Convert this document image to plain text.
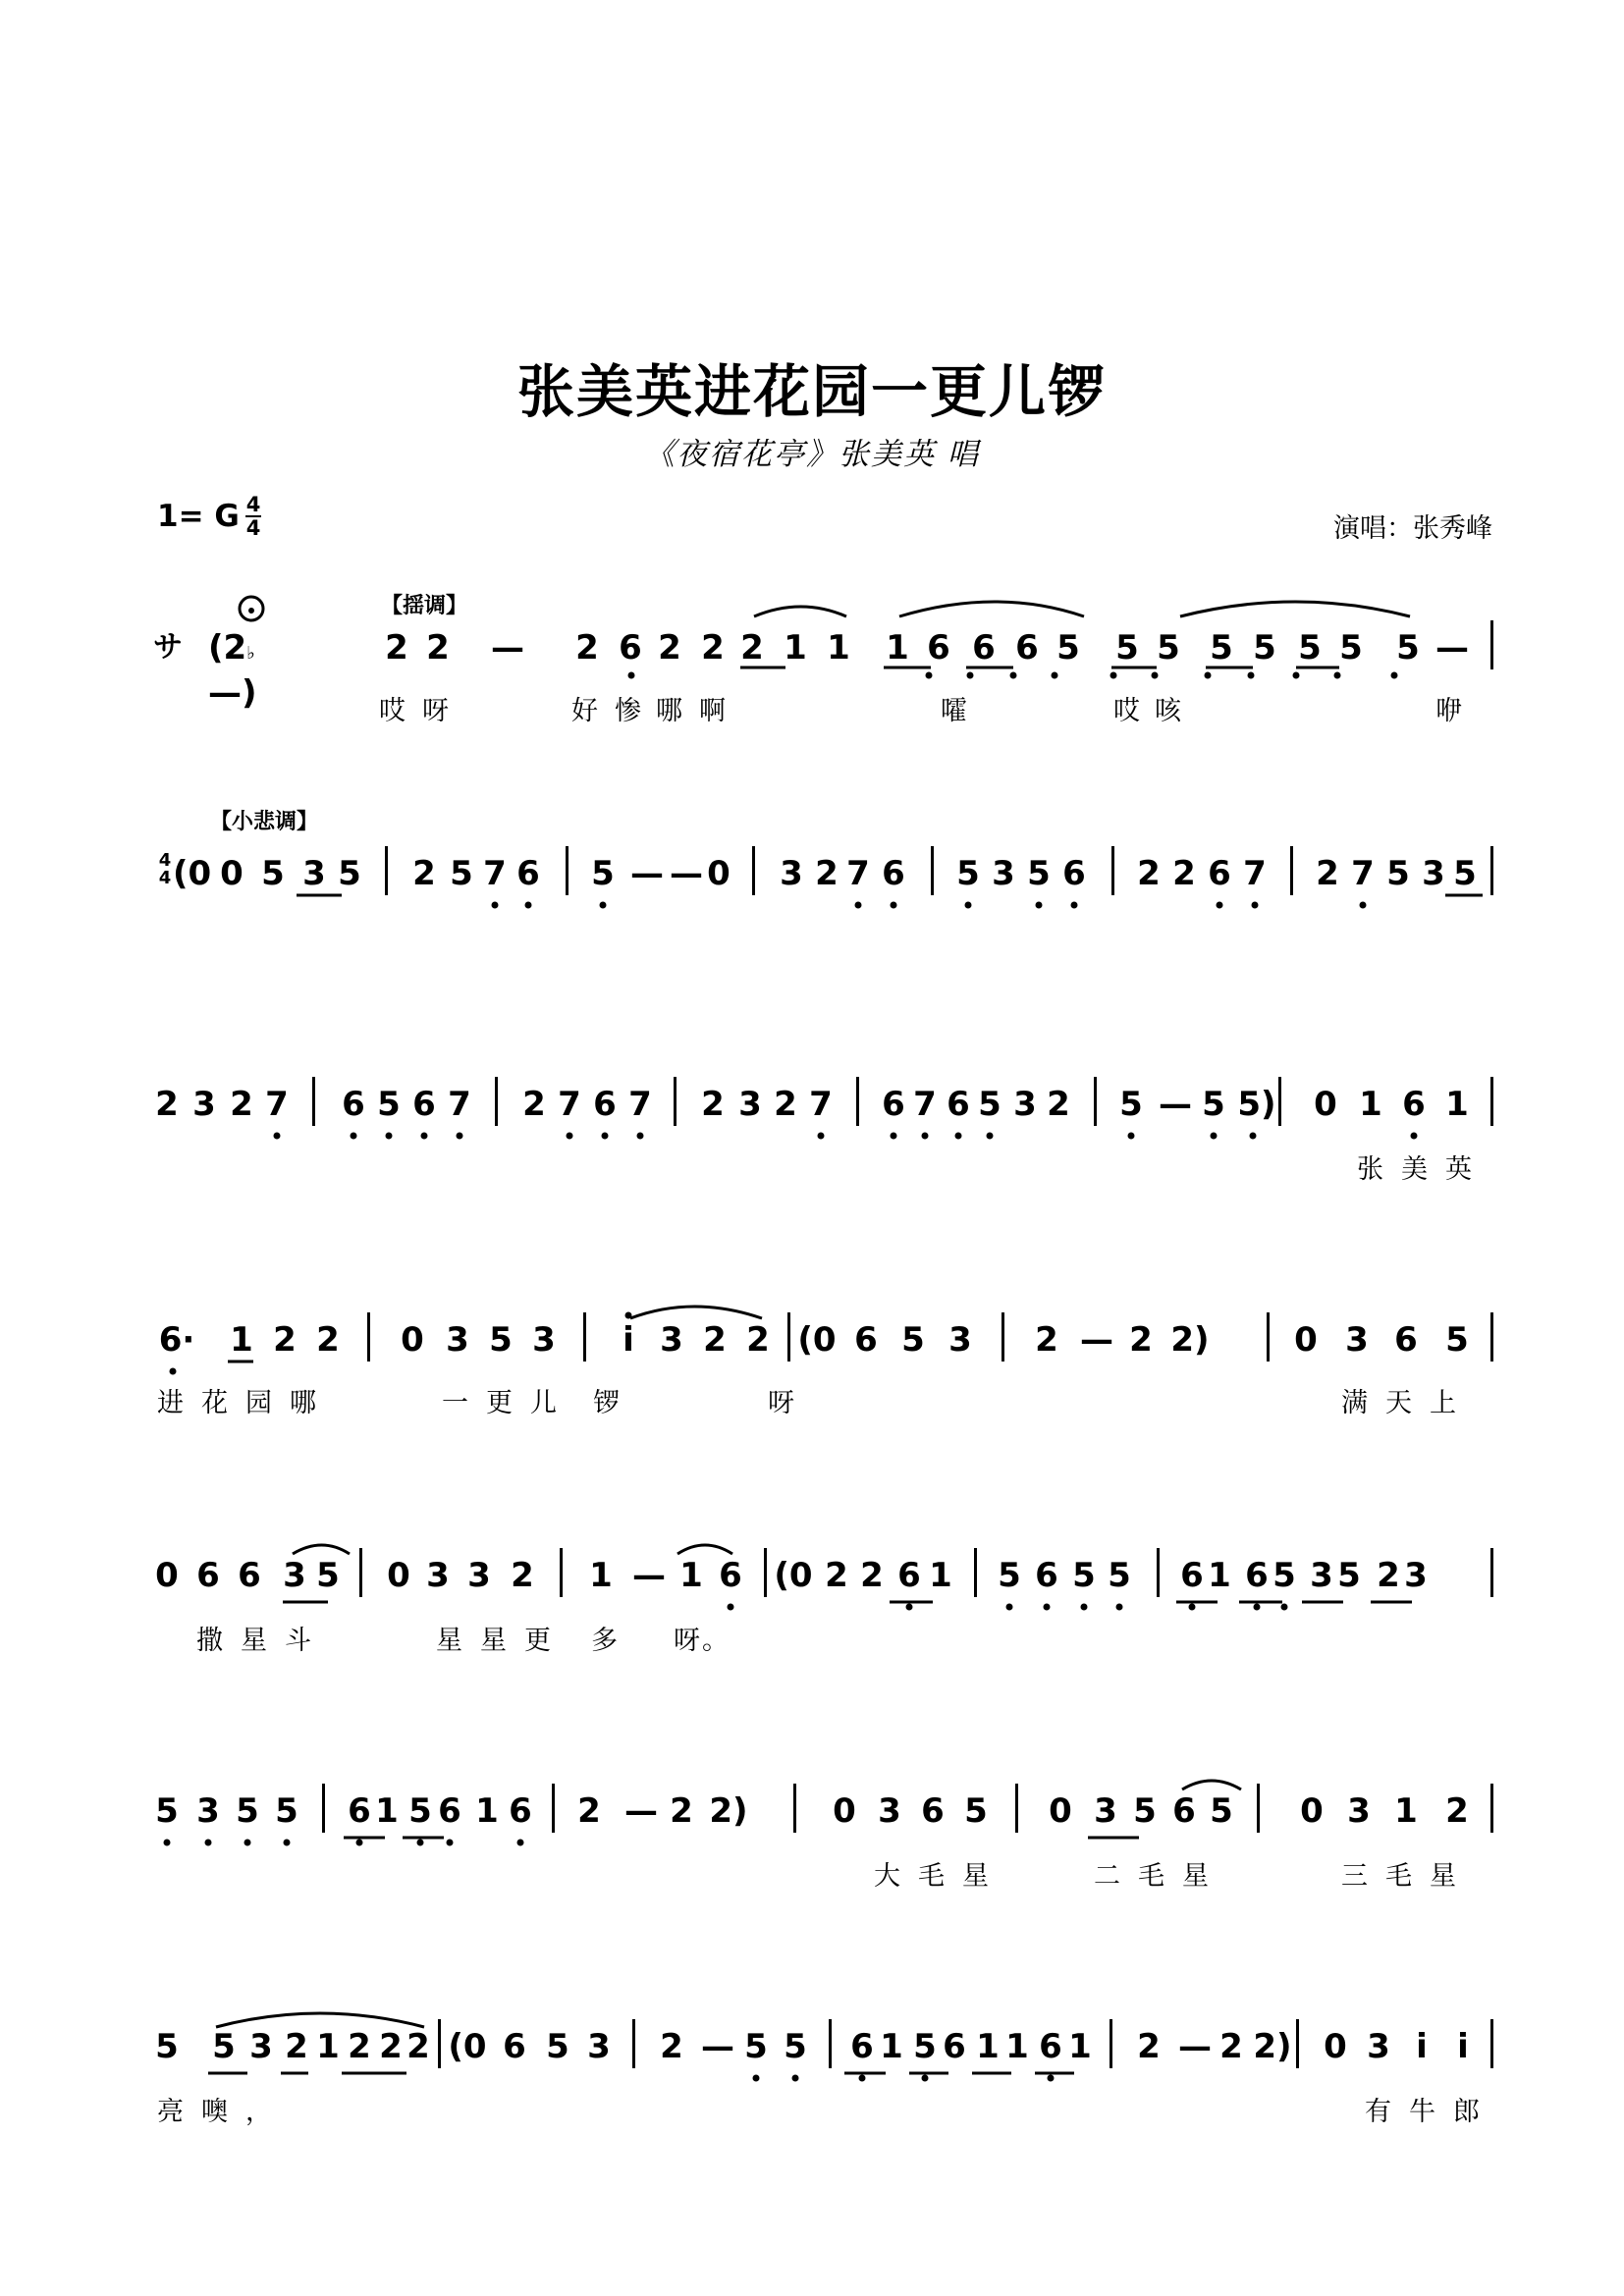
张美英进花园一更儿锣
《夜宿花亭》张美英 唱
1= G 4
4	演唱：张秀峰
【揺调】
サ (2♭ —)
2 2 — 2 6 2 2 2 1 1 1 6 6 6 5 5 5 5 5 5 5 5 —
哎 呀	好 惨 哪 啊	嚯	哎 咳	咿
【小悲调】
4
4 (0 0 5 3 5 2 5 7 6 5 — — 0 3 2 7 6 5 3 5 6 2 2 6 7 2 7 5 3 5
2 3 2 7 6 5 6 7 2 7 6 7 2 3 2 7 6 7 6 5 3 2 5 — 5 5) 0 1 6 1
张美英
6· 1 2 2 0 3 5 3 i 3 2 2 (0 6 5 3 2 — 2 2)	0 3 6 5
进花园哪	一更儿 锣	呀	满天上
0 6 6 3 5 0 3 3 2 1 — 1 6 (0 2 2 6 1 5 6 5 5 6 1 6 5 3 5 2 3
撒星斗	星星更 多 呀。
5 3 5 5 6 1 5 6 1 6 2 — 2 2)	0 3 6 5 0 3 5 6 5 0 3 1 2
大毛星	二毛星	三毛星
5 5 3 2 1 2 2 2 (0 6 5 3 2 — 5 5 6 1 5 6 1 1 6 1 2 — 2 2) 0 3 i i
亮噢，	有牛郎
